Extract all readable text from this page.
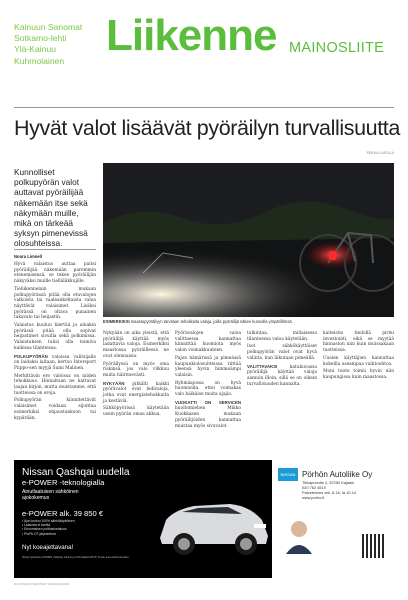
Kainuun Sanomat
Sotkamo-lehti
Ylä-Kainuu
Kuhmolainen
Liikenne MAINOSLIITE
Hyvät valot lisäävät pyöräilyn turvallisuutta
PEKKA LASSILA
Kunnolliset polkupyörän valot auttavat pyöräilijää näkemään itse sekä näkymään muille, mikä on tärkeää syksyn pimenevissä olosuhteissa.
Noora Limnell

Hyvä valaistus auttaa paitsi pyöräilijää näkemään paremmin etenemisensä, se tekee pyöräilijän näkyväksi muille tielläliikkujille.

Tieliikennelain mukaan polkupyörässä pitää olla etuvalojen valkoista tai vaaleankeltaista valoa näyttävät valaisimet. Lisäksi pyörässä on oltava punainen takavalo tai heijastin.

Valaistus kuuluu kiertää ja ainakin pyörässä pitää olla sopivat heijastimet sivuilla sekä polkimissa. Valaistuksen tulisi olla toimiva kaikissa tilanteissa.

POLKUPYÖRÄN valoissa valitsijalle on laidaksi laitaan, kertoo Intersport Piippo-sen myyjä Sami Malinen.

Merkittävin ero valoissa on niiden tehokkuus. Hinnaltaan ne kattavat laajan kirjon, mutta muistamme, että tuotteissa on eroja.

Polkupyörän kiinnitettävät valaisimet voidaan sijoittaa esimerkiksi ohjaustankoon tai kypärään.

ESIMERKIKSI maastopyöräilyyn tarvitaan tehokkaita valoja, joilla pyöräilijä näkee kunnolla ympärillönsä.

Nykyään on aika yleistä, että pyöräilijä käyttää myös ladattavia valoja. Esimerkiksi maastossa pyöräillessä ne ovat olennaisia.

Pyöräilyssä on myös oma riskinsä, jos valo vilkkuu muita häiritsevästi.

NYKYÄÄN pitkälti kaikki pyörävalot ovat ledivaloja, jotka ovat energiatehokkaita ja kestäviä.

Sähköpyörissä käytetään usein pyörän omaa akkua.

Pyörävalojen valoa valittaessa kannattaa kiinnittää huomiota myös valon voimakkuuteen.

Pajon hämärissä ja pimeässä kaupunkiolosuhteissa riittää yleensä hyvin himmeämpi valaisin.

Ryhmäajossa on hyvä huomioida, ettei voimakas valo häikäise muita ajajia.

VUOKATTI ON SERVICEN huoltomiehen Mikko Kuokkasen mukaan pyöräilijöiden kannattaa muistaa myös sivuvalot.

tulkintaa, millaisessa tilanteessa valoa käytetään.

Isot sähkökäyttöiset polkupyörän valot ovat hyvä valinta, kun liikutaan pimeällä.

VALITTAVAKSI	katukuvassa pyöräilijä käyttää valoja aamuin illoin, sillä se on oikein turvallisuuden kannalta.

kaiteistio tiedollä pirmi investointi, eikä se myytää hinnaston niin kuin muissakaan tuotteissa.

Uusien käyttäjien kannattaa kokeilla useampaa vaihtoehtoa.

Moni tuote toimii hyvin niin kaupungissa kuin maastossa.

Nissan Qashqai uudella
e-POWER -teknologialla
Ainutlaatuisen sähköinen
ajokokemus
e-POWER alk. 39 850 €
• Ajon tuntuu 100% sähkökäyttöinen
• Latausta ei tarvita
• Erinomainen polttoainetalous
• ProPILOT-järjestelmä
Nyt koeajettavana!
Nissan Qashqai e-POWER yhdistetty kulutus ja CO2-päästöt WLTP. Kuvan auto erikoisvarustein.
NISSAN Pörhön Autoliike Oy
Tikkapuontie 2, 87250 Kajaani
020 762 4519
Palvelemme ark. 8-16, la 10-14
www.porho.fi
20 KAINUUN SANOMAT LIIKENNE 2023
